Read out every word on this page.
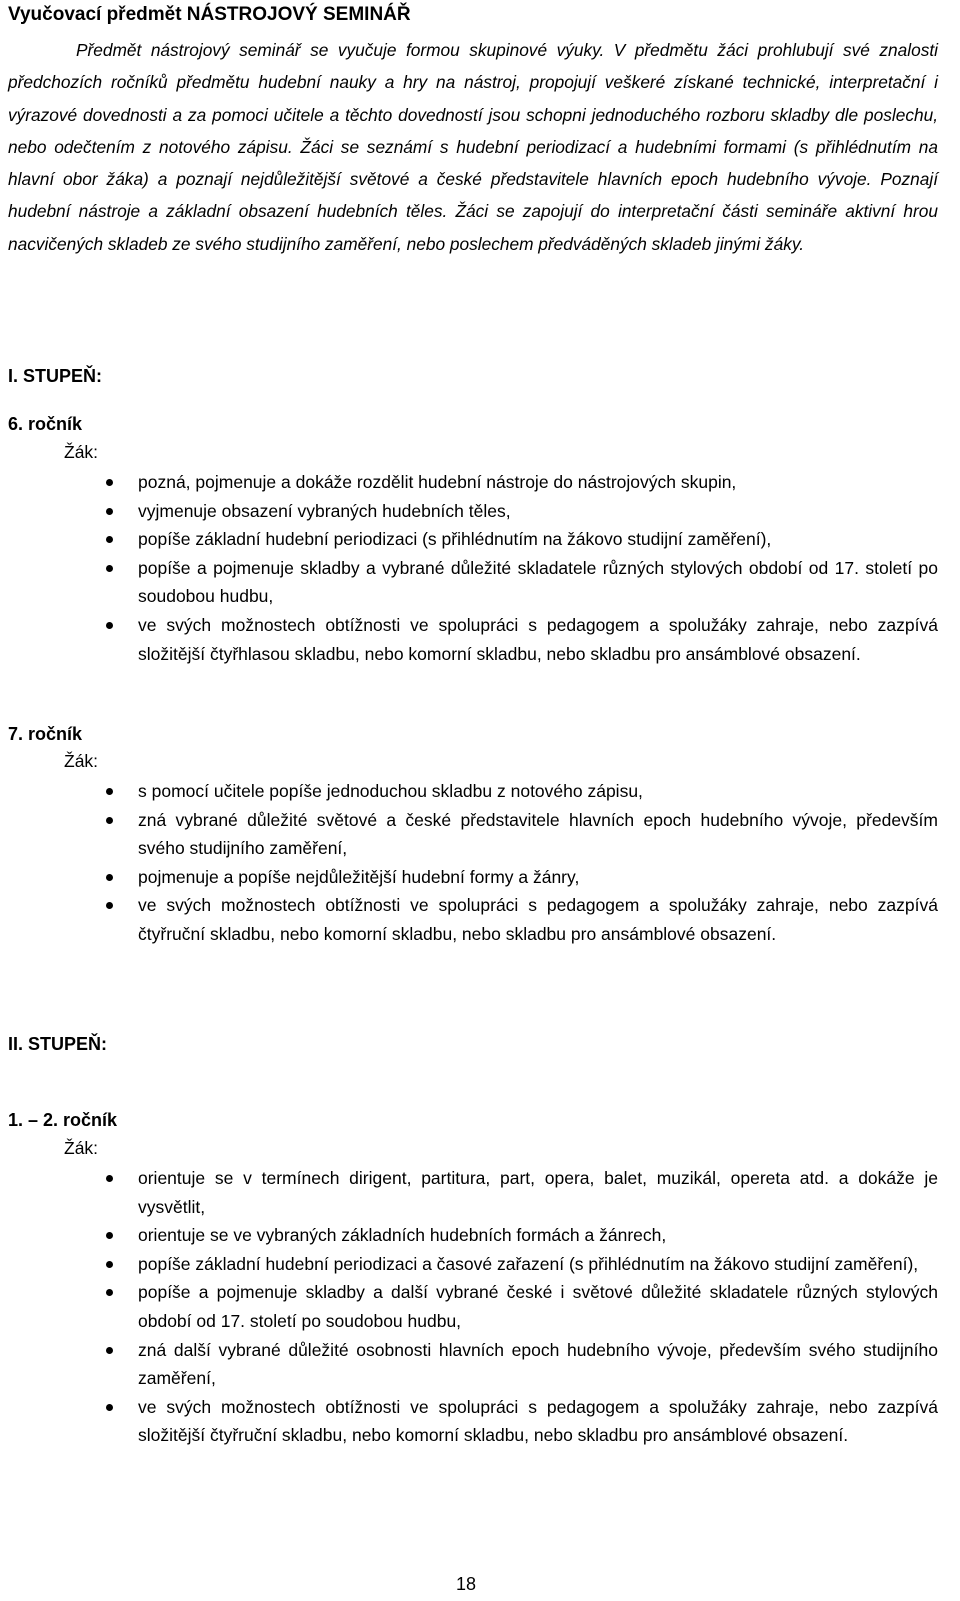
Vyučovací předmět NÁSTROJOVÝ SEMINÁŘ

Předmět nástrojový seminář se vyučuje formou skupinové výuky. V předmětu žáci prohlubují své znalosti předchozích ročníků předmětu hudební nauky a hry na nástroj, propojují veškeré získané technické, interpretační i výrazové dovednosti a za pomoci učitele a těchto dovedností jsou schopni jednoduchého rozboru skladby dle poslechu, nebo odečtením z notového zápisu. Žáci se seznámí s hudební periodizací a hudebními formami (s přihlédnutím na hlavní obor žáka) a poznají nejdůležitější světové a české představitele hlavních epoch hudebního vývoje. Poznají hudební nástroje a základní obsazení hudebních těles. Žáci se zapojují do interpretační části semináře aktivní hrou nacvičených skladeb ze svého studijního zaměření, nebo poslechem předváděných skladeb jinými žáky.

I. STUPEŇ:
6. ročník

Žák:

pozná, pojmenuje a dokáže rozdělit hudební nástroje do nástrojových skupin,
vyjmenuje obsazení vybraných hudebních těles,
popíše základní hudební periodizaci (s přihlédnutím na žákovo studijní zaměření),
popíše a pojmenuje skladby a vybrané důležité skladatele různých stylových období od 17. století po soudobou hudbu,
ve svých možnostech obtížnosti ve spolupráci s pedagogem a spolužáky zahraje, nebo zazpívá složitější čtyřhlasou skladbu, nebo komorní skladbu, nebo skladbu pro ansámblové obsazení.
7. ročník

Žák:

s pomocí učitele popíše jednoduchou skladbu z notového zápisu,
zná vybrané důležité světové a české představitele hlavních epoch hudebního vývoje, především svého studijního zaměření,
pojmenuje a popíše nejdůležitější hudební formy a žánry,
ve svých možnostech obtížnosti ve spolupráci s pedagogem a spolužáky zahraje, nebo zazpívá čtyřruční skladbu, nebo komorní skladbu, nebo skladbu pro ansámblové obsazení.
II. STUPEŇ:
1. – 2. ročník

Žák:

orientuje se v termínech dirigent, partitura, part, opera, balet, muzikál, opereta atd. a dokáže je vysvětlit,
orientuje se ve vybraných základních hudebních formách a žánrech,
popíše základní hudební periodizaci a časové zařazení (s přihlédnutím na žákovo studijní zaměření),
popíše a pojmenuje skladby a další vybrané české i světové důležité skladatele různých stylových období od 17. století po soudobou hudbu,
zná další vybrané důležité osobnosti hlavních epoch hudebního vývoje, především svého studijního zaměření,
ve svých možnostech obtížnosti ve spolupráci s pedagogem a spolužáky zahraje, nebo zazpívá složitější čtyřruční skladbu, nebo komorní skladbu, nebo skladbu pro ansámblové obsazení.

18
